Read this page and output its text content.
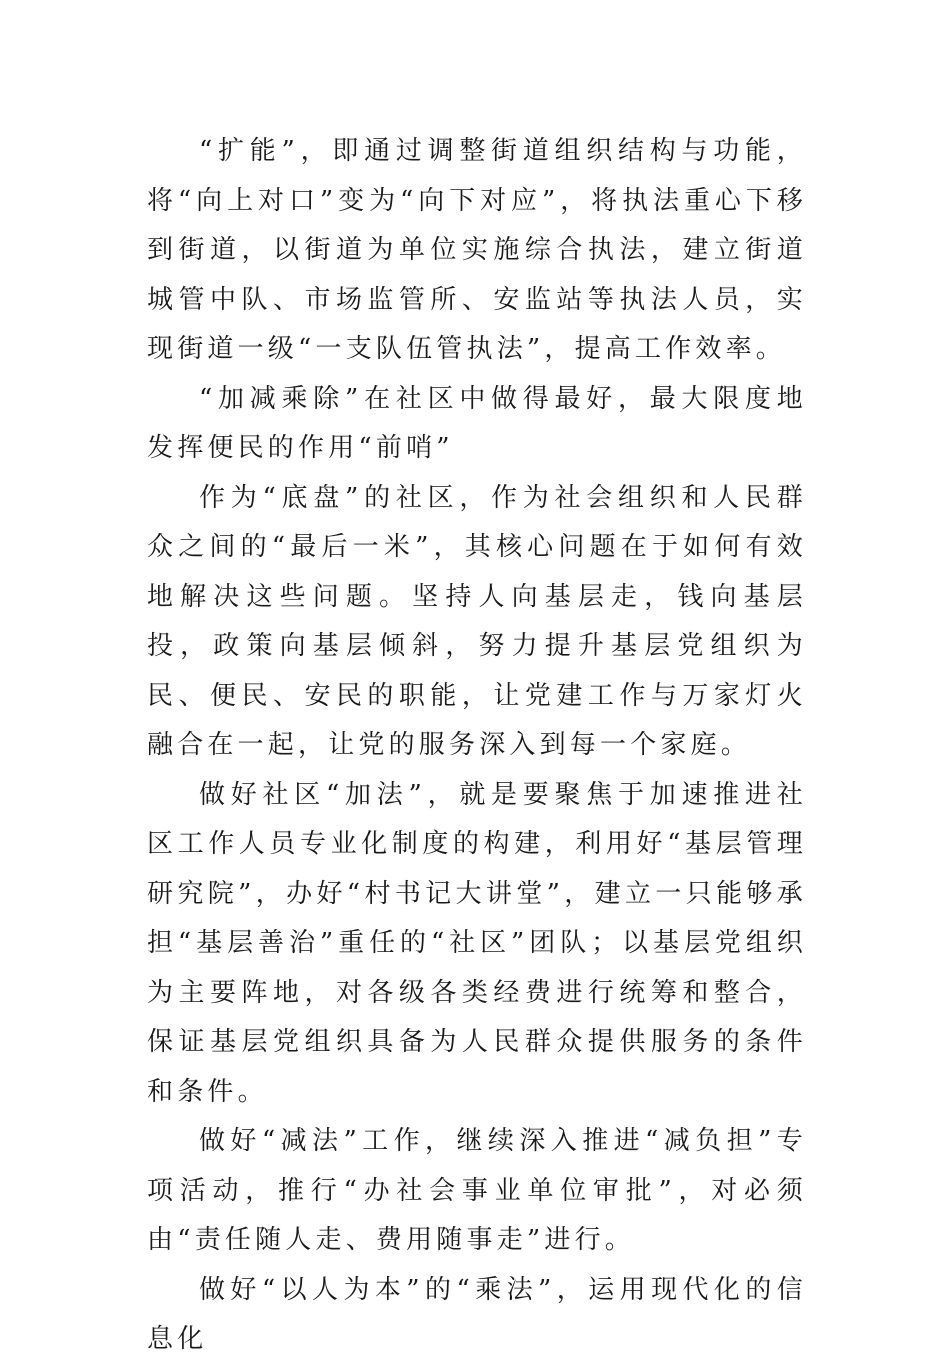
“扩能”，即通过调整街道组织结构与功能，将“向上对口”变为“向下对应”，将执法重心下移到街道，以街道为单位实施综合执法，建立街道城管中队、市场监管所、安监站等执法人员，实现街道一级“一支队伍管执法”，提高工作效率。

“加减乘除”在社区中做得最好，最大限度地发挥便民的作用“前哨”

作为“底盘”的社区，作为社会组织和人民群众之间的“最后一米”，其核心问题在于如何有效地解决这些问题。坚持人向基层走，钱向基层投，政策向基层倾斜，努力提升基层党组织为民、便民、安民的职能，让党建工作与万家灯火融合在一起，让党的服务深入到每一个家庭。

做好社区“加法”，就是要聚焦于加速推进社区工作人员专业化制度的构建，利用好“基层管理研究院”，办好“村书记大讲堂”，建立一只能够承担“基层善治”重任的“社区”团队；以基层党组织为主要阵地，对各级各类经费进行统筹和整合，保证基层党组织具备为人民群众提供服务的条件和条件。

做好“减法”工作，继续深入推进“减负担”专项活动，推行“办社会事业单位审批”，对必须由“责任随人走、费用随事走”进行。

做好“以人为本”的“乘法”，运用现代化的信息化
